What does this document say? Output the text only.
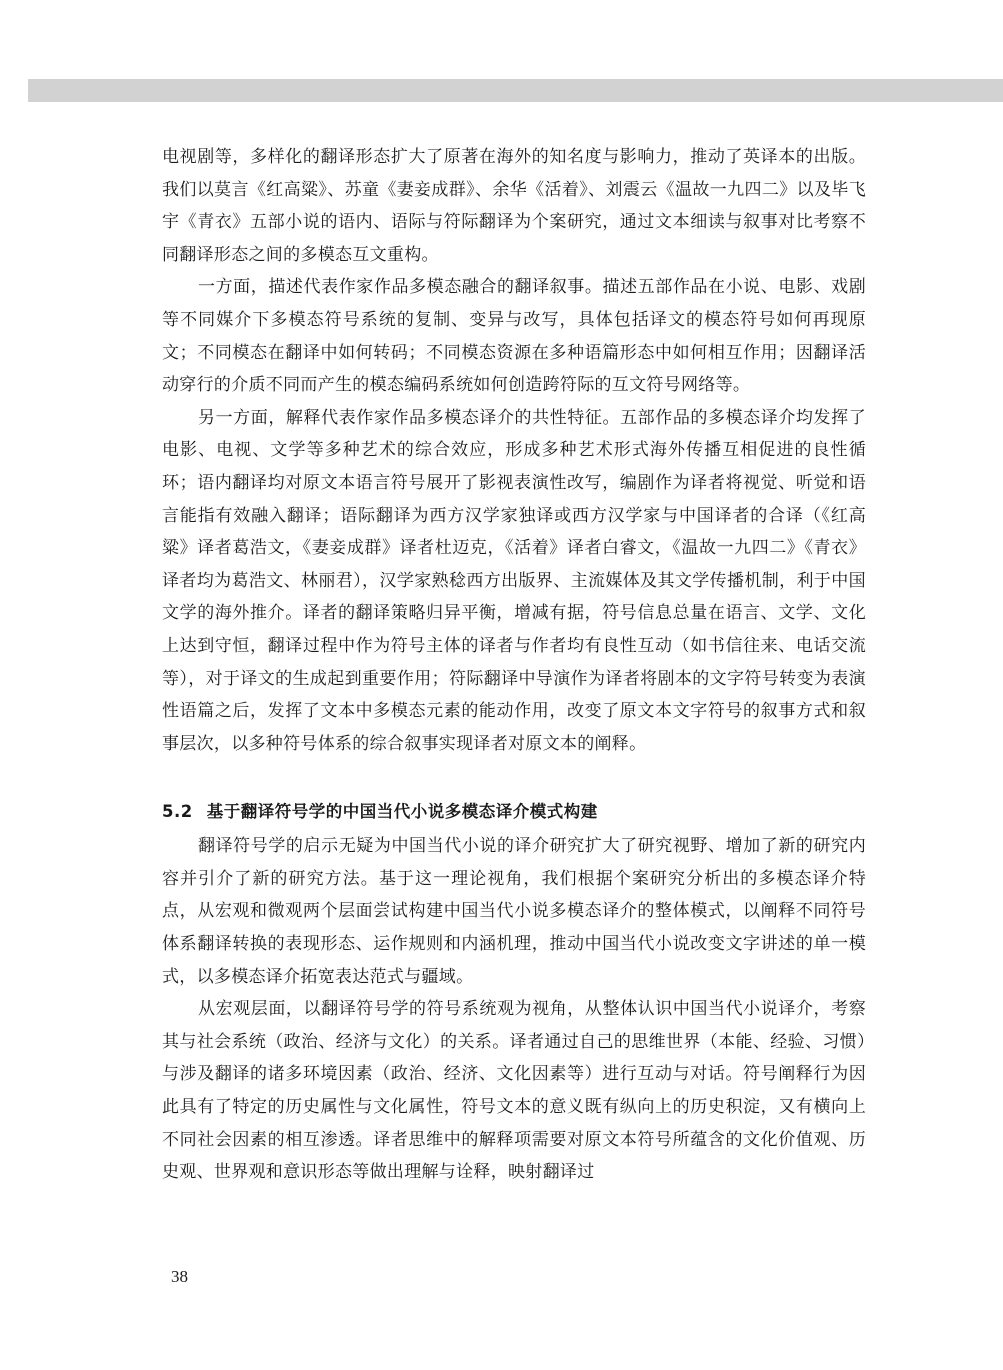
电视剧等，多样化的翻译形态扩大了原著在海外的知名度与影响力，推动了英译本的出版。我们以莫言《红高粱》、苏童《妻妾成群》、余华《活着》、刘震云《温故一九四二》以及毕飞宇《青衣》五部小说的语内、语际与符际翻译为个案研究，通过文本细读与叙事对比考察不同翻译形态之间的多模态互文重构。

一方面，描述代表作家作品多模态融合的翻译叙事。描述五部作品在小说、电影、戏剧等不同媒介下多模态符号系统的复制、变异与改写，具体包括译文的模态符号如何再现原文；不同模态在翻译中如何转码；不同模态资源在多种语篇形态中如何相互作用；因翻译活动穿行的介质不同而产生的模态编码系统如何创造跨符际的互文符号网络等。

另一方面，解释代表作家作品多模态译介的共性特征。五部作品的多模态译介均发挥了电影、电视、文学等多种艺术的综合效应，形成多种艺术形式海外传播互相促进的良性循环；语内翻译均对原文本语言符号展开了影视表演性改写，编剧作为译者将视觉、听觉和语言能指有效融入翻译；语际翻译为西方汉学家独译或西方汉学家与中国译者的合译（《红高粱》译者葛浩文，《妻妾成群》译者杜迈克，《活着》译者白睿文，《温故一九四二》《青衣》译者均为葛浩文、林丽君），汉学家熟稔西方出版界、主流媒体及其文学传播机制，利于中国文学的海外推介。译者的翻译策略归异平衡，增减有据，符号信息总量在语言、文学、文化上达到守恒，翻译过程中作为符号主体的译者与作者均有良性互动（如书信往来、电话交流等），对于译文的生成起到重要作用；符际翻译中导演作为译者将剧本的文字符号转变为表演性语篇之后，发挥了文本中多模态元素的能动作用，改变了原文本文字符号的叙事方式和叙事层次，以多种符号体系的综合叙事实现译者对原文本的阐释。

5.2 基于翻译符号学的中国当代小说多模态译介模式构建

翻译符号学的启示无疑为中国当代小说的译介研究扩大了研究视野、增加了新的研究内容并引介了新的研究方法。基于这一理论视角，我们根据个案研究分析出的多模态译介特点，从宏观和微观两个层面尝试构建中国当代小说多模态译介的整体模式，以阐释不同符号体系翻译转换的表现形态、运作规则和内涵机理，推动中国当代小说改变文字讲述的单一模式，以多模态译介拓宽表达范式与疆域。

从宏观层面，以翻译符号学的符号系统观为视角，从整体认识中国当代小说译介，考察其与社会系统（政治、经济与文化）的关系。译者通过自己的思维世界（本能、经验、习惯）与涉及翻译的诸多环境因素（政治、经济、文化因素等）进行互动与对话。符号阐释行为因此具有了特定的历史属性与文化属性，符号文本的意义既有纵向上的历史积淀，又有横向上不同社会因素的相互渗透。译者思维中的解释项需要对原文本符号所蕴含的文化价值观、历史观、世界观和意识形态等做出理解与诠释，映射翻译过

38
